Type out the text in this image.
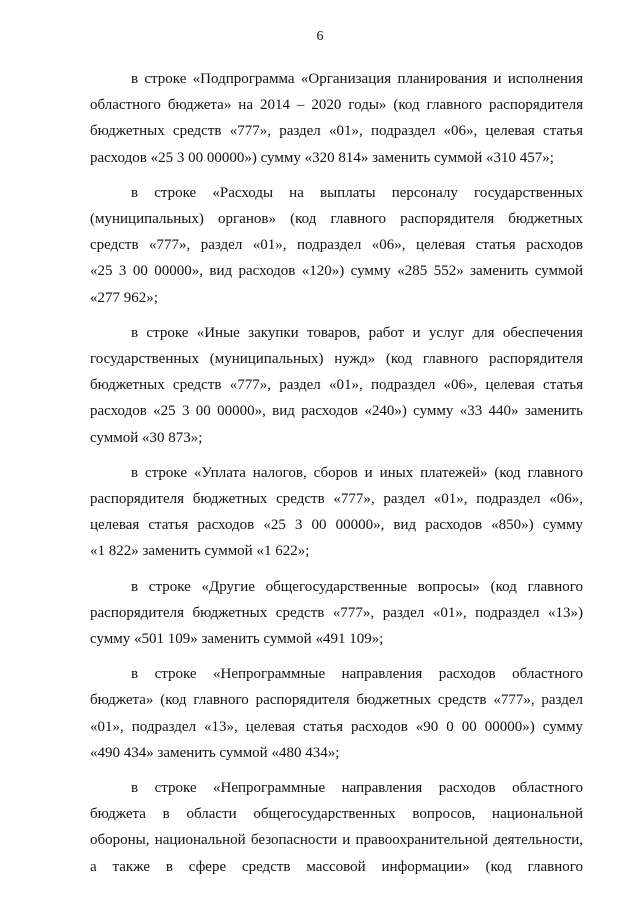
6
в строке «Подпрограмма «Организация планирования и исполнения
областного бюджета» на 2014 – 2020 годы» (код главного распорядителя
бюджетных средств «777», раздел «01», подраздел «06», целевая статья
расходов «25 3 00 00000») сумму «320 814» заменить суммой «310 457»;
в строке «Расходы на выплаты персоналу государственных
(муниципальных) органов» (код главного распорядителя бюджетных
средств «777», раздел «01», подраздел «06», целевая статья расходов
«25 3 00 00000», вид расходов «120») сумму «285 552» заменить суммой
«277 962»;
в строке «Иные закупки товаров, работ и услуг для обеспечения
государственных (муниципальных) нужд» (код главного распорядителя
бюджетных средств «777», раздел «01», подраздел «06», целевая статья
расходов «25 3 00 00000», вид расходов «240») сумму «33 440» заменить
суммой «30 873»;
в строке «Уплата налогов, сборов и иных платежей» (код главного
распорядителя бюджетных средств «777», раздел «01», подраздел «06»,
целевая статья расходов «25 3 00 00000», вид расходов «850») сумму
«1 822» заменить суммой «1 622»;
в строке «Другие общегосударственные вопросы» (код главного
распорядителя бюджетных средств «777», раздел «01», подраздел «13»)
сумму «501 109» заменить суммой «491 109»;
в строке «Непрограммные направления расходов областного
бюджета» (код главного распорядителя бюджетных средств «777», раздел
«01», подраздел «13», целевая статья расходов «90 0 00 00000») сумму
«490 434» заменить суммой «480 434»;
в строке «Непрограммные направления расходов областного
бюджета в области общегосударственных вопросов, национальной
обороны, национальной безопасности и правоохранительной деятельности,
а также в сфере средств массовой информации» (код главного
